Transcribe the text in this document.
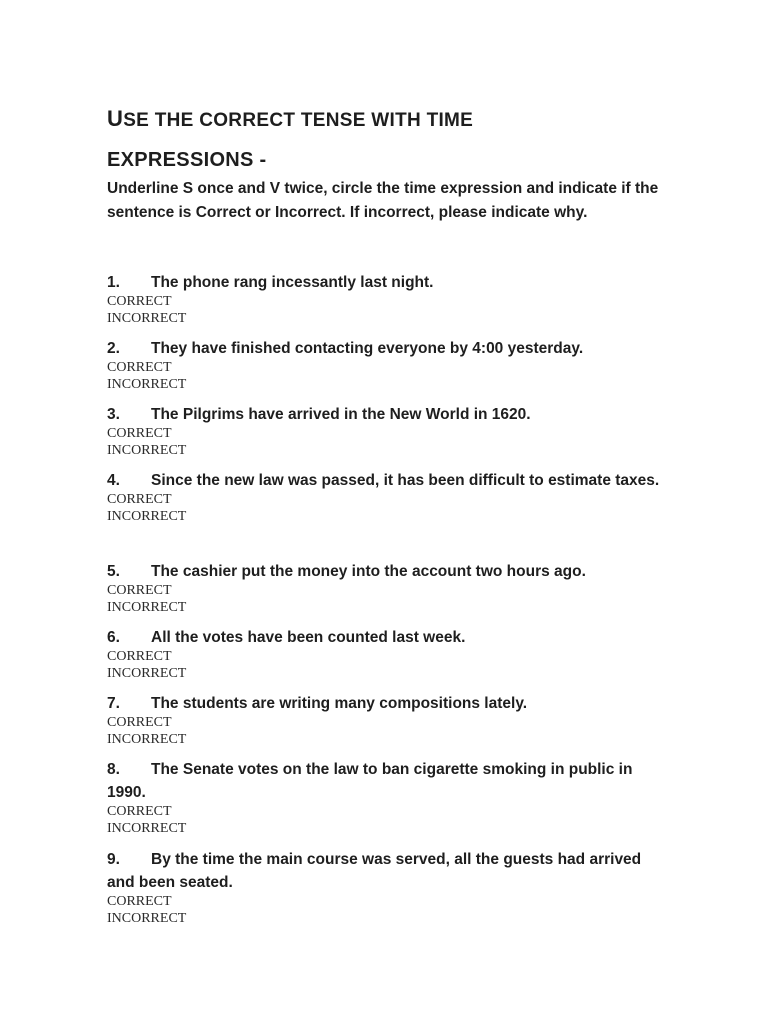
USE THE CORRECT TENSE WITH TIME
EXPRESSIONS -

Underline S once and V twice, circle the time expression and indicate if the sentence is Correct or Incorrect. If incorrect, please indicate why.

1. The phone rang incessantly last night.

CORRECT

INCORRECT

2. They have finished contacting everyone by 4:00 yesterday.

CORRECT

INCORRECT

3. The Pilgrims have arrived in the New World in 1620.

CORRECT

INCORRECT

4. Since the new law was passed, it has been difficult to estimate taxes.

CORRECT

INCORRECT

5. The cashier put the money into the account two hours ago.

CORRECT

INCORRECT

6. All the votes have been counted last week.

CORRECT

INCORRECT

7. The students are writing many compositions lately.

CORRECT

INCORRECT

8. The Senate votes on the law to ban cigarette smoking in public in 1990.

CORRECT

INCORRECT

9. By the time the main course was served, all the guests had arrived and been seated.

CORRECT

INCORRECT
